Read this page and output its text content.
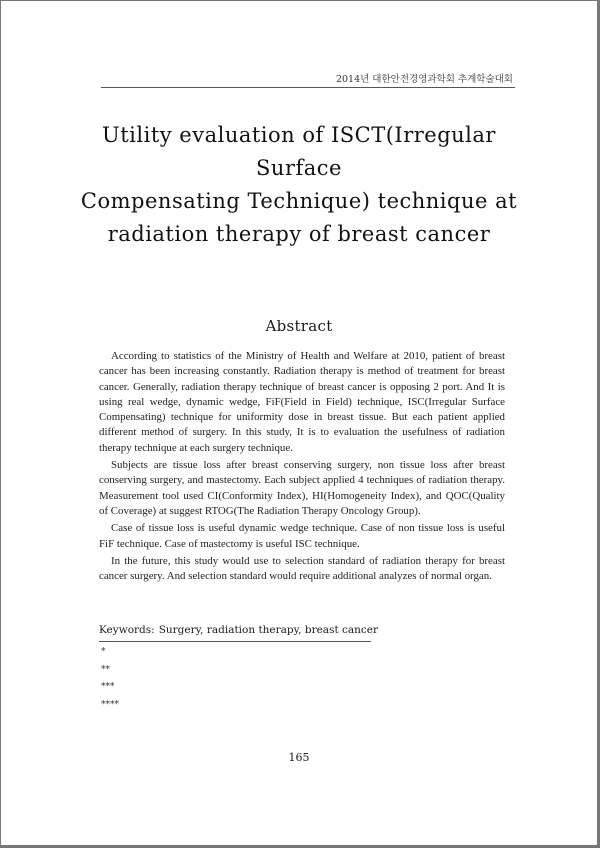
2014년 대한안전경영과학회 추계학술대회
Utility evaluation of ISCT(Irregular Surface
Compensating Technique) technique at
radiation therapy of breast cancer
Abstract

According to statistics of the Ministry of Health and Welfare at 2010, patient of breast cancer has been increasing constantly. Radiation therapy is method of treatment for breast cancer. Generally, radiation therapy technique of breast cancer is opposing 2 port. And It is using real wedge, dynamic wedge, FiF(Field in Field) technique, ISC(Irregular Surface Compensating) technique for uniformity dose in breast tissue. But each patient applied different method of surgery. In this study, It is to evaluation the usefulness of radiation therapy technique at each surgery technique.

Subjects are tissue loss after breast conserving surgery, non tissue loss after breast conserving surgery, and mastectomy. Each subject applied 4 techniques of radiation therapy. Measurement tool used CI(Conformity Index), HI(Homogeneity Index), and QOC(Quality of Coverage) at suggest RTOG(The Radiation Therapy Oncology Group).

Case of tissue loss is useful dynamic wedge technique. Case of non tissue loss is useful FiF technique. Case of mastectomy is useful ISC technique.

In the future, this study would use to selection standard of radiation therapy for breast cancer surgery. And selection standard would require additional analyzes of normal organ.

Keywords: Surgery, radiation therapy, breast cancer
*
**
***
****
165
